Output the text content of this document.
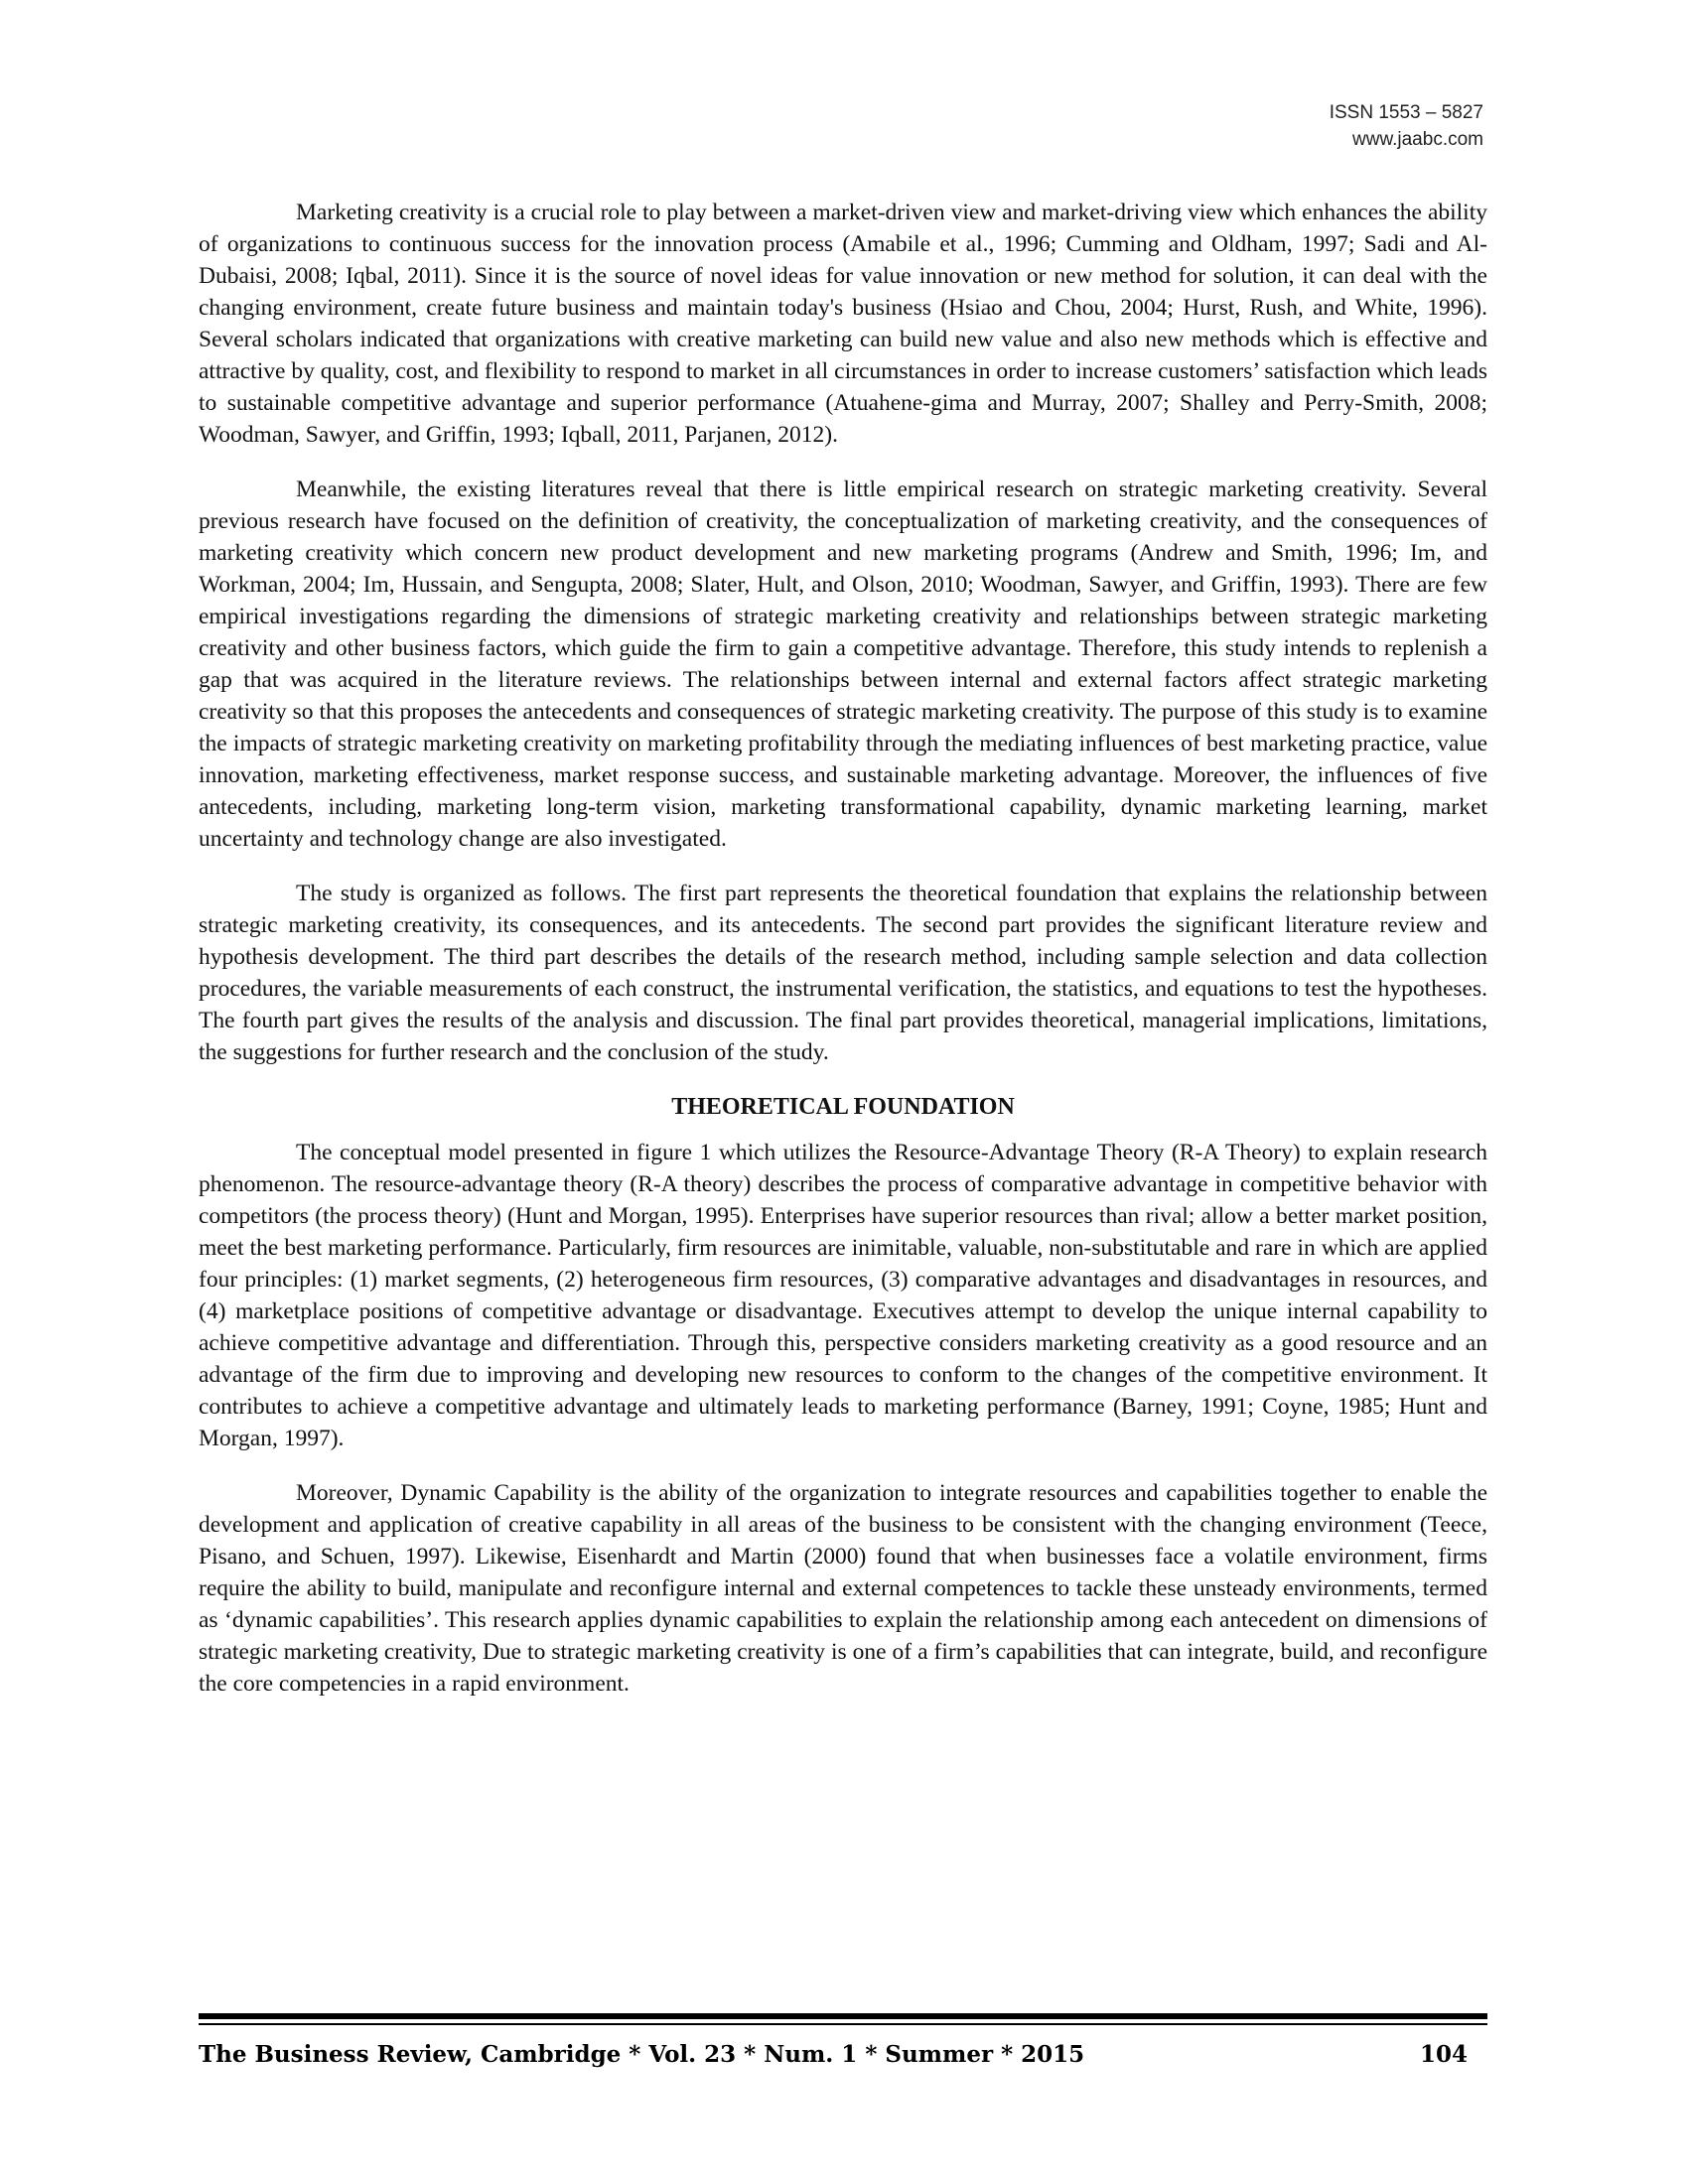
ISSN 1553 – 5827
www.jaabc.com

Marketing creativity is a crucial role to play between a market-driven view and market-driving view which enhances the ability of organizations to continuous success for the innovation process (Amabile et al., 1996; Cumming and Oldham, 1997; Sadi and Al-Dubaisi, 2008; Iqbal, 2011). Since it is the source of novel ideas for value innovation or new method for solution, it can deal with the changing environment, create future business and maintain today's business (Hsiao and Chou, 2004; Hurst, Rush, and White, 1996). Several scholars indicated that organizations with creative marketing can build new value and also new methods which is effective and attractive by quality, cost, and flexibility to respond to market in all circumstances in order to increase customers’ satisfaction which leads to sustainable competitive advantage and superior performance (Atuahene-gima and Murray, 2007; Shalley and Perry-Smith, 2008; Woodman, Sawyer, and Griffin, 1993; Iqball, 2011, Parjanen, 2012).

Meanwhile, the existing literatures reveal that there is little empirical research on strategic marketing creativity. Several previous research have focused on the definition of creativity, the conceptualization of marketing creativity, and the consequences of marketing creativity which concern new product development and new marketing programs (Andrew and Smith, 1996; Im, and Workman, 2004; Im, Hussain, and Sengupta, 2008; Slater, Hult, and Olson, 2010; Woodman, Sawyer, and Griffin, 1993). There are few empirical investigations regarding the dimensions of strategic marketing creativity and relationships between strategic marketing creativity and other business factors, which guide the firm to gain a competitive advantage. Therefore, this study intends to replenish a gap that was acquired in the literature reviews. The relationships between internal and external factors affect strategic marketing creativity so that this proposes the antecedents and consequences of strategic marketing creativity. The purpose of this study is to examine the impacts of strategic marketing creativity on marketing profitability through the mediating influences of best marketing practice, value innovation, marketing effectiveness, market response success, and sustainable marketing advantage. Moreover, the influences of five antecedents, including, marketing long-term vision, marketing transformational capability, dynamic marketing learning, market uncertainty and technology change are also investigated.

The study is organized as follows. The first part represents the theoretical foundation that explains the relationship between strategic marketing creativity, its consequences, and its antecedents. The second part provides the significant literature review and hypothesis development. The third part describes the details of the research method, including sample selection and data collection procedures, the variable measurements of each construct, the instrumental verification, the statistics, and equations to test the hypotheses. The fourth part gives the results of the analysis and discussion. The final part provides theoretical, managerial implications, limitations, the suggestions for further research and the conclusion of the study.

THEORETICAL FOUNDATION

The conceptual model presented in figure 1 which utilizes the Resource-Advantage Theory (R-A Theory) to explain research phenomenon. The resource-advantage theory (R-A theory) describes the process of comparative advantage in competitive behavior with competitors (the process theory) (Hunt and Morgan, 1995). Enterprises have superior resources than rival; allow a better market position, meet the best marketing performance. Particularly, firm resources are inimitable, valuable, non-substitutable and rare in which are applied four principles: (1) market segments, (2) heterogeneous firm resources, (3) comparative advantages and disadvantages in resources, and (4) marketplace positions of competitive advantage or disadvantage. Executives attempt to develop the unique internal capability to achieve competitive advantage and differentiation. Through this, perspective considers marketing creativity as a good resource and an advantage of the firm due to improving and developing new resources to conform to the changes of the competitive environment. It contributes to achieve a competitive advantage and ultimately leads to marketing performance (Barney, 1991; Coyne, 1985; Hunt and Morgan, 1997).

Moreover, Dynamic Capability is the ability of the organization to integrate resources and capabilities together to enable the development and application of creative capability in all areas of the business to be consistent with the changing environment (Teece, Pisano, and Schuen, 1997). Likewise, Eisenhardt and Martin (2000) found that when businesses face a volatile environment, firms require the ability to build, manipulate and reconfigure internal and external competences to tackle these unsteady environments, termed as ‘dynamic capabilities’. This research applies dynamic capabilities to explain the relationship among each antecedent on dimensions of strategic marketing creativity, Due to strategic marketing creativity is one of a firm’s capabilities that can integrate, build, and reconfigure the core competencies in a rapid environment.

The Business Review, Cambridge * Vol. 23 * Num. 1 * Summer * 2015	104
